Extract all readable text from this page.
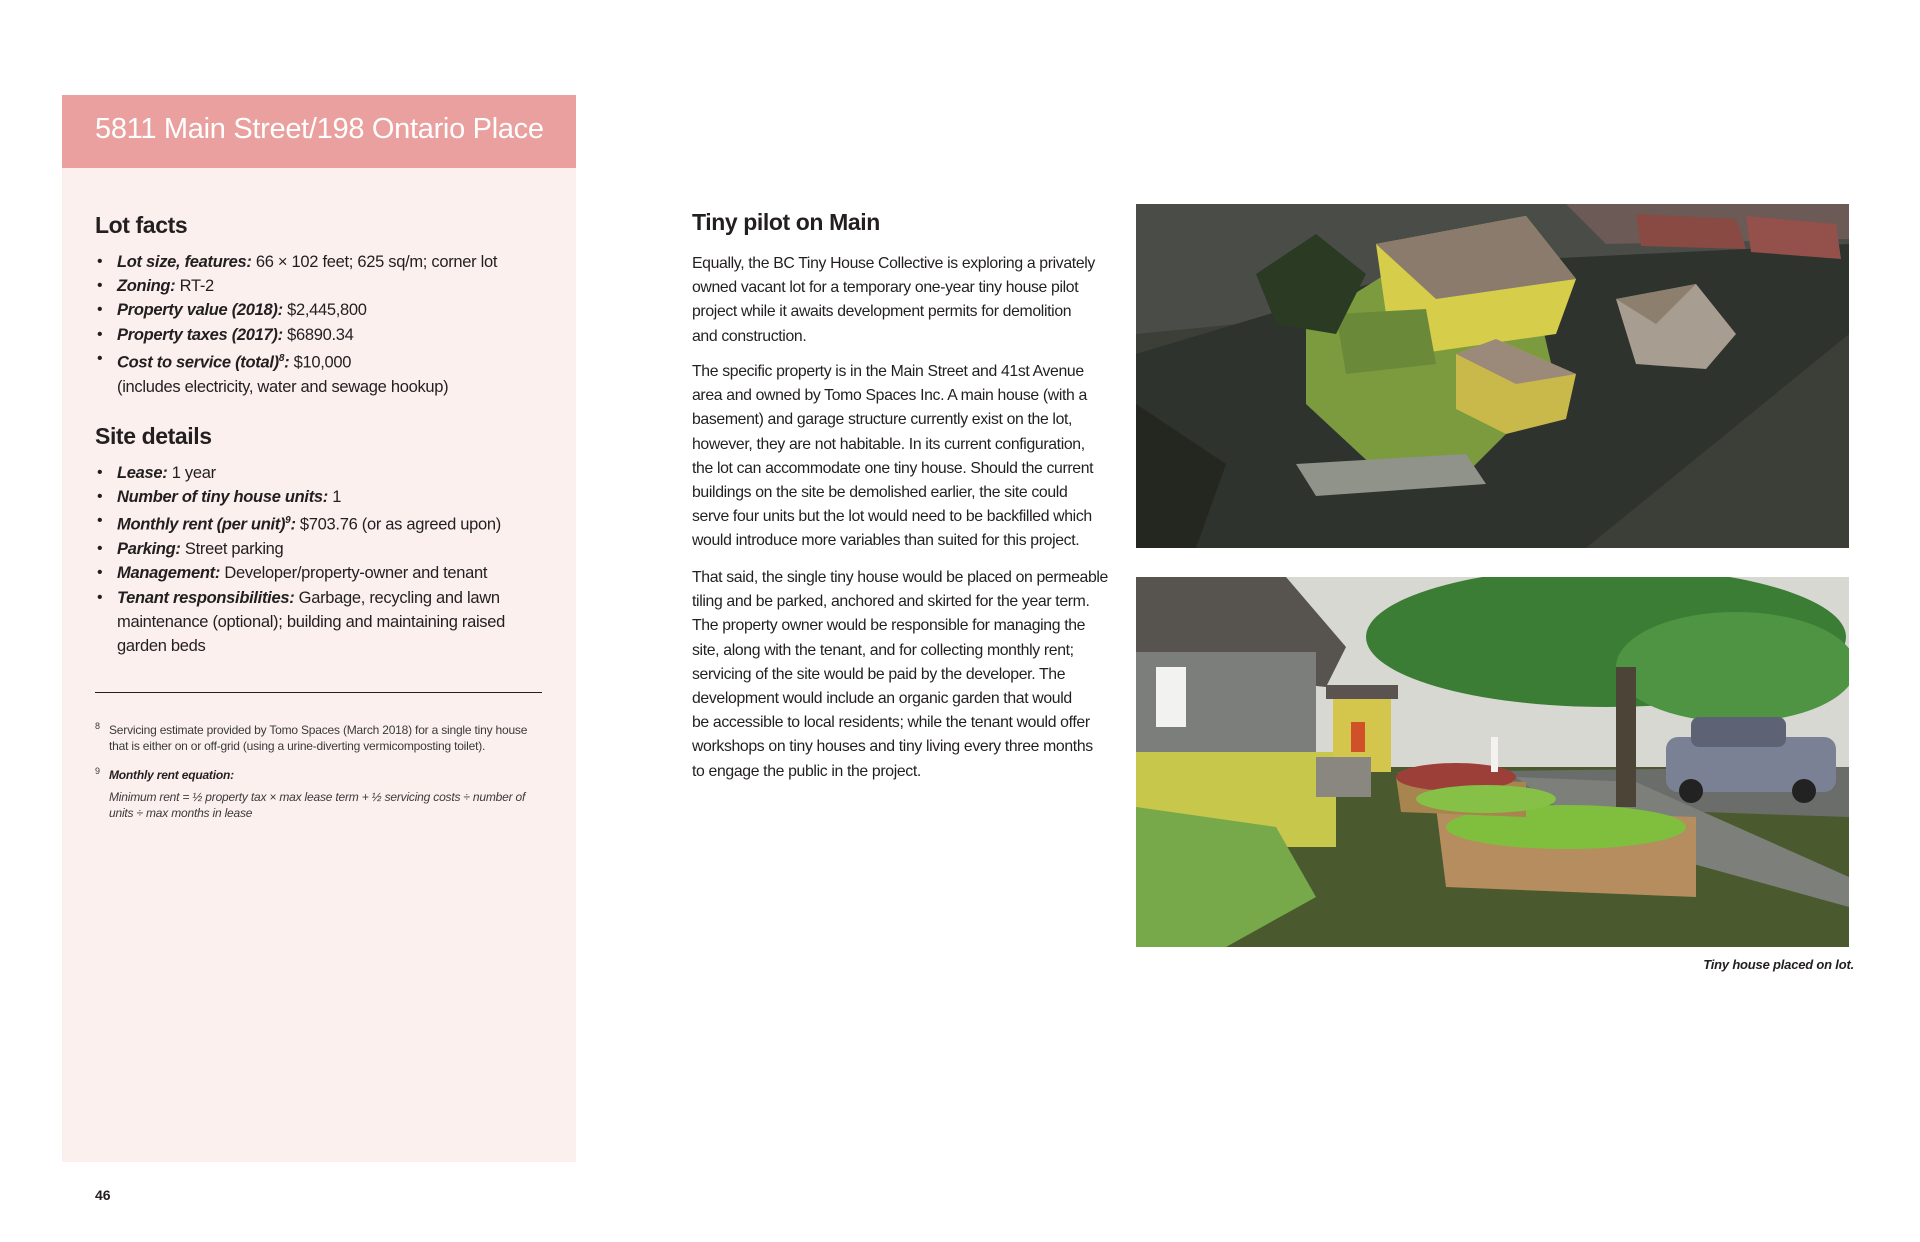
5811 Main Street/198 Ontario Place
Lot facts
• Lot size, features: 66 × 102 feet; 625 sq/m; corner lot
• Zoning: RT-2
• Property value (2018): $2,445,800
• Property taxes (2017): $6890.34
• Cost to service (total)$^8$: $10,000
(includes electricity, water and sewage hookup)
Site details
• Lease: 1 year
• Number of tiny house units: 1
• Monthly rent (per unit)$^9$: $703.76 (or as agreed upon)
• Parking: Street parking
• Management: Developer/property-owner and tenant
• Tenant responsibilities: Garbage, recycling and lawn
maintenance (optional); building and maintaining raised
garden beds
8 Servicing estimate provided by Tomo Spaces (March 2018) for a single tiny house
that is either on or off-grid (using a urine-diverting vermicomposting toilet).
9 Monthly rent equation:
Minimum rent = ½ property tax × max lease term + ½ servicing costs ÷ number of
units ÷ max months in lease
46
Tiny pilot on Main
Equally, the BC Tiny House Collective is exploring a privately
owned vacant lot for a temporary one-year tiny house pilot
project while it awaits development permits for demolition
and construction.
The specific property is in the Main Street and 41st Avenue
area and owned by Tomo Spaces Inc. A main house (with a
basement) and garage structure currently exist on the lot,
however, they are not habitable. In its current configuration,
the lot can accommodate one tiny house. Should the current
buildings on the site be demolished earlier, the site could
serve four units but the lot would need to be backfilled which
would introduce more variables than suited for this project.
That said, the single tiny house would be placed on permeable
tiling and be parked, anchored and skirted for the year term.
The property owner would be responsible for managing the
site, along with the tenant, and for collecting monthly rent;
servicing of the site would be paid by the developer. The
development would include an organic garden that would
be accessible to local residents; while the tenant would offer
workshops on tiny houses and tiny living every three months
to engage the public in the project.
Tiny house placed on lot.
